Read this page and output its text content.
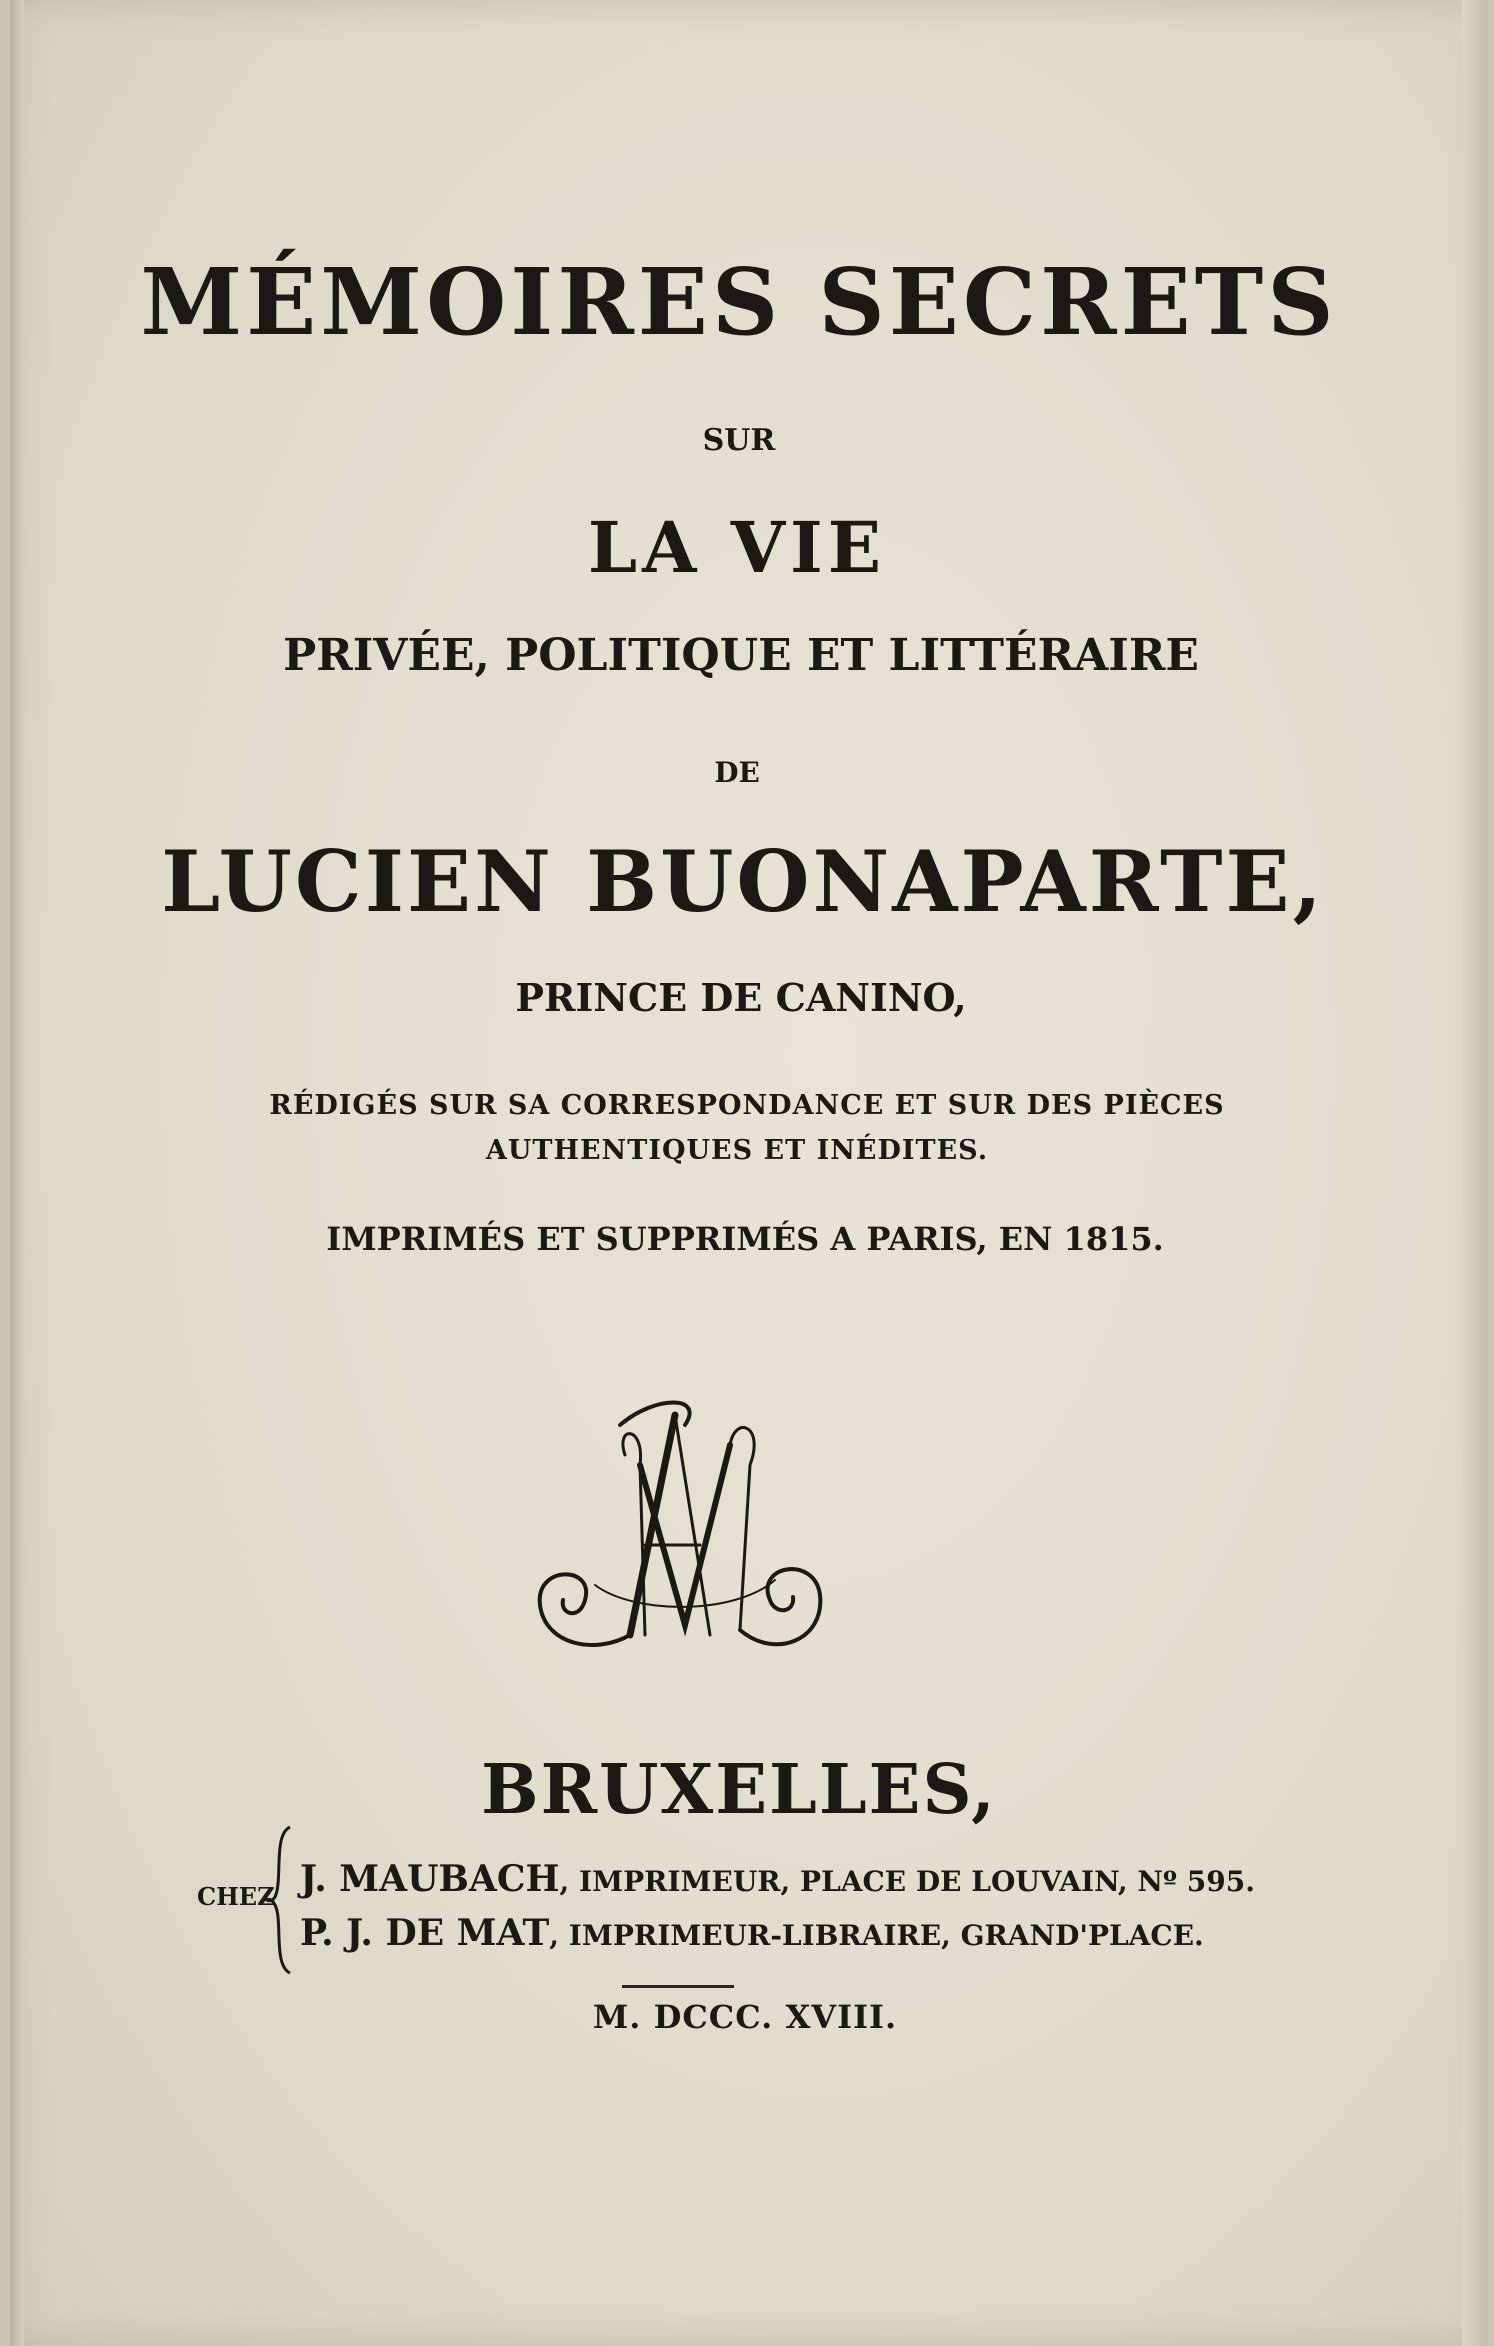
MÉMOIRES SECRETS
SUR
LA VIE
PRIVÉE, POLITIQUE ET LITTÉRAIRE
DE
LUCIEN BUONAPARTE,
PRINCE DE CANINO,
RÉDIGÉS SUR SA CORRESPONDANCE ET SUR DES PIÈCES
AUTHENTIQUES ET INÉDITES.
IMPRIMÉS ET SUPPRIMÉS A PARIS, EN 1815.
BRUXELLES,
CHEZ J. MAUBACH, IMPRIMEUR, PLACE DE LOUVAIN, Nº 595.
P. J. DE MAT, IMPRIMEUR-LIBRAIRE, GRAND'PLACE.
M. DCCC. XVIII.
